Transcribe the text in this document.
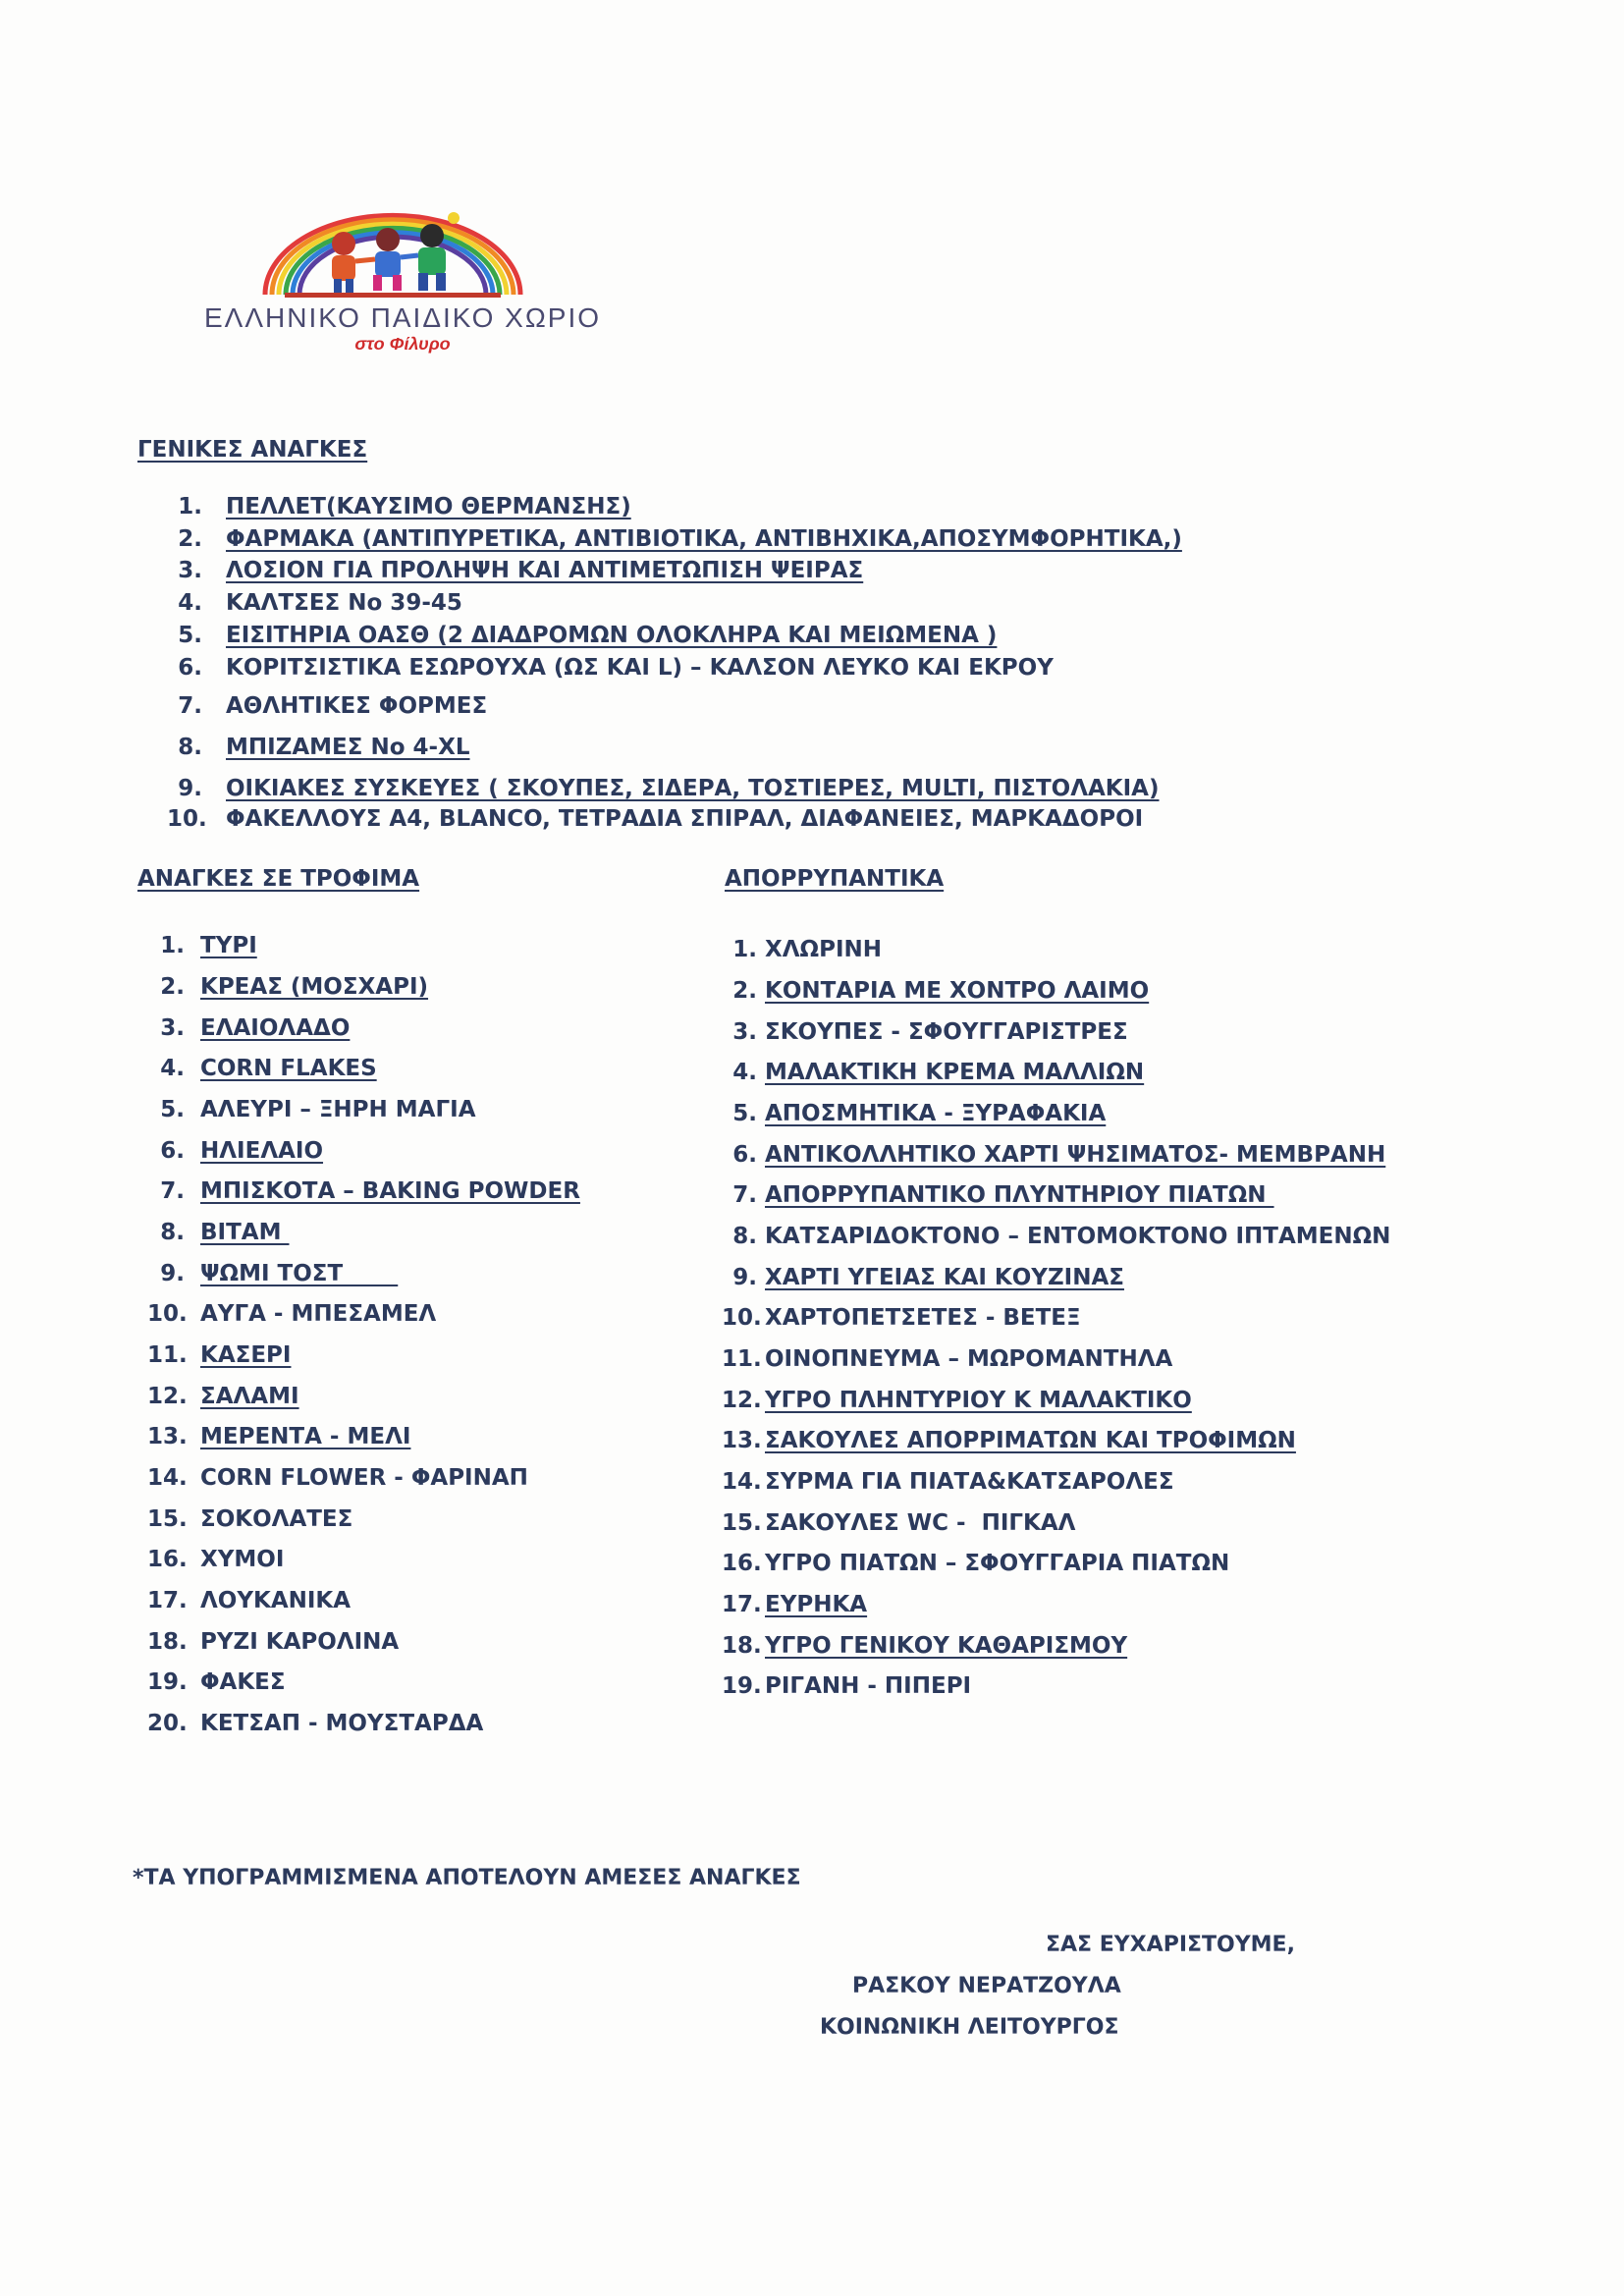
ΕΛΛΗΝΙΚΟ ΠΑΙΔΙΚΟ ΧΩΡΙΟ
στο Φίλυρο
ΓΕΝΙΚΕΣ ΑΝΑΓΚΕΣ
1. ΠΕΛΛΕΤ(ΚΑΥΣΙΜΟ ΘΕΡΜΑΝΣΗΣ)
2. ΦΑΡΜΑΚΑ (ΑΝΤΙΠΥΡΕΤΙΚΑ, ΑΝΤΙΒΙΟΤΙΚΑ, ΑΝΤΙΒΗΧΙΚΑ,ΑΠΟΣΥΜΦΟΡΗΤΙΚΑ,)
3. ΛΟΣΙΟΝ ΓΙΑ ΠΡΟΛΗΨΗ ΚΑΙ ΑΝΤΙΜΕΤΩΠΙΣΗ ΨΕΙΡΑΣ
4. ΚΑΛΤΣΕΣ Νο 39-45
5. ΕΙΣΙΤΗΡΙΑ ΟΑΣΘ (2 ΔΙΑΔΡΟΜΩΝ ΟΛΟΚΛΗΡΑ ΚΑΙ ΜΕΙΩΜΕΝΑ )
6. ΚΟΡΙΤΣΙΣΤΙΚΑ ΕΣΩΡΟΥΧΑ (ΩΣ ΚΑΙ L) – ΚΑΛΣΟΝ ΛΕΥΚΟ ΚΑΙ ΕΚΡΟΥ
7. ΑΘΛΗΤΙΚΕΣ ΦΟΡΜΕΣ
8. ΜΠΙΖΑΜΕΣ Νο 4-XL
9. ΟΙΚΙΑΚΕΣ ΣΥΣΚΕΥΕΣ ( ΣΚΟΥΠΕΣ, ΣΙΔΕΡΑ, ΤΟΣΤΙΕΡΕΣ, MULTI, ΠΙΣΤΟΛΑΚΙΑ)
10. ΦΑΚΕΛΛΟΥΣ Α4, BLANCO, ΤΕΤΡΑΔΙΑ ΣΠΙΡΑΛ, ΔΙΑΦΑΝΕΙΕΣ, ΜΑΡΚΑΔΟΡΟΙ
ΑΝΑΓΚΕΣ ΣΕ ΤΡΟΦΙΜΑ
1. ΤΥΡΙ
2. ΚΡΕΑΣ (ΜΟΣΧΑΡΙ)
3. ΕΛΑΙΟΛΑΔΟ
4. CORN FLAKES
5. ΑΛΕΥΡΙ – ΞΗΡΗ ΜΑΓΙΑ
6. ΗΛΙΕΛΑΙΟ
7. ΜΠΙΣΚΟΤΑ – BAKING POWDER
8. ΒΙΤΑΜ
9. ΨΩΜΙ ΤΟΣΤ
10. ΑΥΓΑ - ΜΠΕΣΑΜΕΛ
11. ΚΑΣΕΡΙ
12. ΣΑΛΑΜΙ
13. ΜΕΡΕΝΤΑ - ΜΕΛΙ
14. CORN FLOWER - ΦΑΡΙΝΑΠ
15. ΣΟΚΟΛΑΤΕΣ
16. ΧΥΜΟΙ
17. ΛΟΥΚΑΝΙΚΑ
18. ΡΥΖΙ ΚΑΡΟΛΙΝΑ
19. ΦΑΚΕΣ
20. ΚΕΤΣΑΠ - ΜΟΥΣΤΑΡΔΑ
ΑΠΟΡΡΥΠΑΝΤΙΚΑ
1. ΧΛΩΡΙΝΗ
2. ΚΟΝΤΑΡΙΑ ΜΕ ΧΟΝΤΡΟ ΛΑΙΜΟ
3. ΣΚΟΥΠΕΣ - ΣΦΟΥΓΓΑΡΙΣΤΡΕΣ
4. ΜΑΛΑΚΤΙΚΗ ΚΡΕΜΑ ΜΑΛΛΙΩΝ
5. ΑΠΟΣΜΗΤΙΚΑ - ΞΥΡΑΦΑΚΙΑ
6. ΑΝΤΙΚΟΛΛΗΤΙΚΟ ΧΑΡΤΙ ΨΗΣΙΜΑΤΟΣ- ΜΕΜΒΡΑΝΗ
7. ΑΠΟΡΡΥΠΑΝΤΙΚΟ ΠΛΥΝΤΗΡΙΟΥ ΠΙΑΤΩΝ
8. ΚΑΤΣΑΡΙΔΟΚΤΟΝΟ – ΕΝΤΟΜΟΚΤΟΝΟ ΙΠΤΑΜΕΝΩΝ
9. ΧΑΡΤΙ ΥΓΕΙΑΣ ΚΑΙ ΚΟΥΖΙΝΑΣ
10. ΧΑΡΤΟΠΕΤΣΕΤΕΣ - ΒΕΤΕΞ
11. ΟΙΝΟΠΝΕΥΜΑ – ΜΩΡΟΜΑΝΤΗΛΑ
12. ΥΓΡΟ ΠΛΗΝΤΥΡΙΟΥ Κ ΜΑΛΑΚΤΙΚΟ
13. ΣΑΚΟΥΛΕΣ ΑΠΟΡΡΙΜΑΤΩΝ ΚΑΙ ΤΡΟΦΙΜΩΝ
14. ΣΥΡΜΑ ΓΙΑ ΠΙΑΤΑ&ΚΑΤΣΑΡΟΛΕΣ
15. ΣΑΚΟΥΛΕΣ WC -  ΠΙΓΚΑΛ
16. ΥΓΡΟ ΠΙΑΤΩΝ – ΣΦΟΥΓΓΑΡΙΑ ΠΙΑΤΩΝ
17. ΕΥΡΗΚΑ
18. ΥΓΡΟ ΓΕΝΙΚΟΥ ΚΑΘΑΡΙΣΜΟΥ
19. ΡΙΓΑΝΗ - ΠΙΠΕΡΙ
*ΤΑ ΥΠΟΓΡΑΜΜΙΣΜΕΝΑ ΑΠΟΤΕΛΟΥΝ ΑΜΕΣΕΣ ΑΝΑΓΚΕΣ
ΣΑΣ ΕΥΧΑΡΙΣΤΟΥΜΕ,
ΡΑΣΚΟΥ ΝΕΡΑΤΖΟΥΛΑ
ΚΟΙΝΩΝΙΚΗ ΛΕΙΤΟΥΡΓΟΣ
